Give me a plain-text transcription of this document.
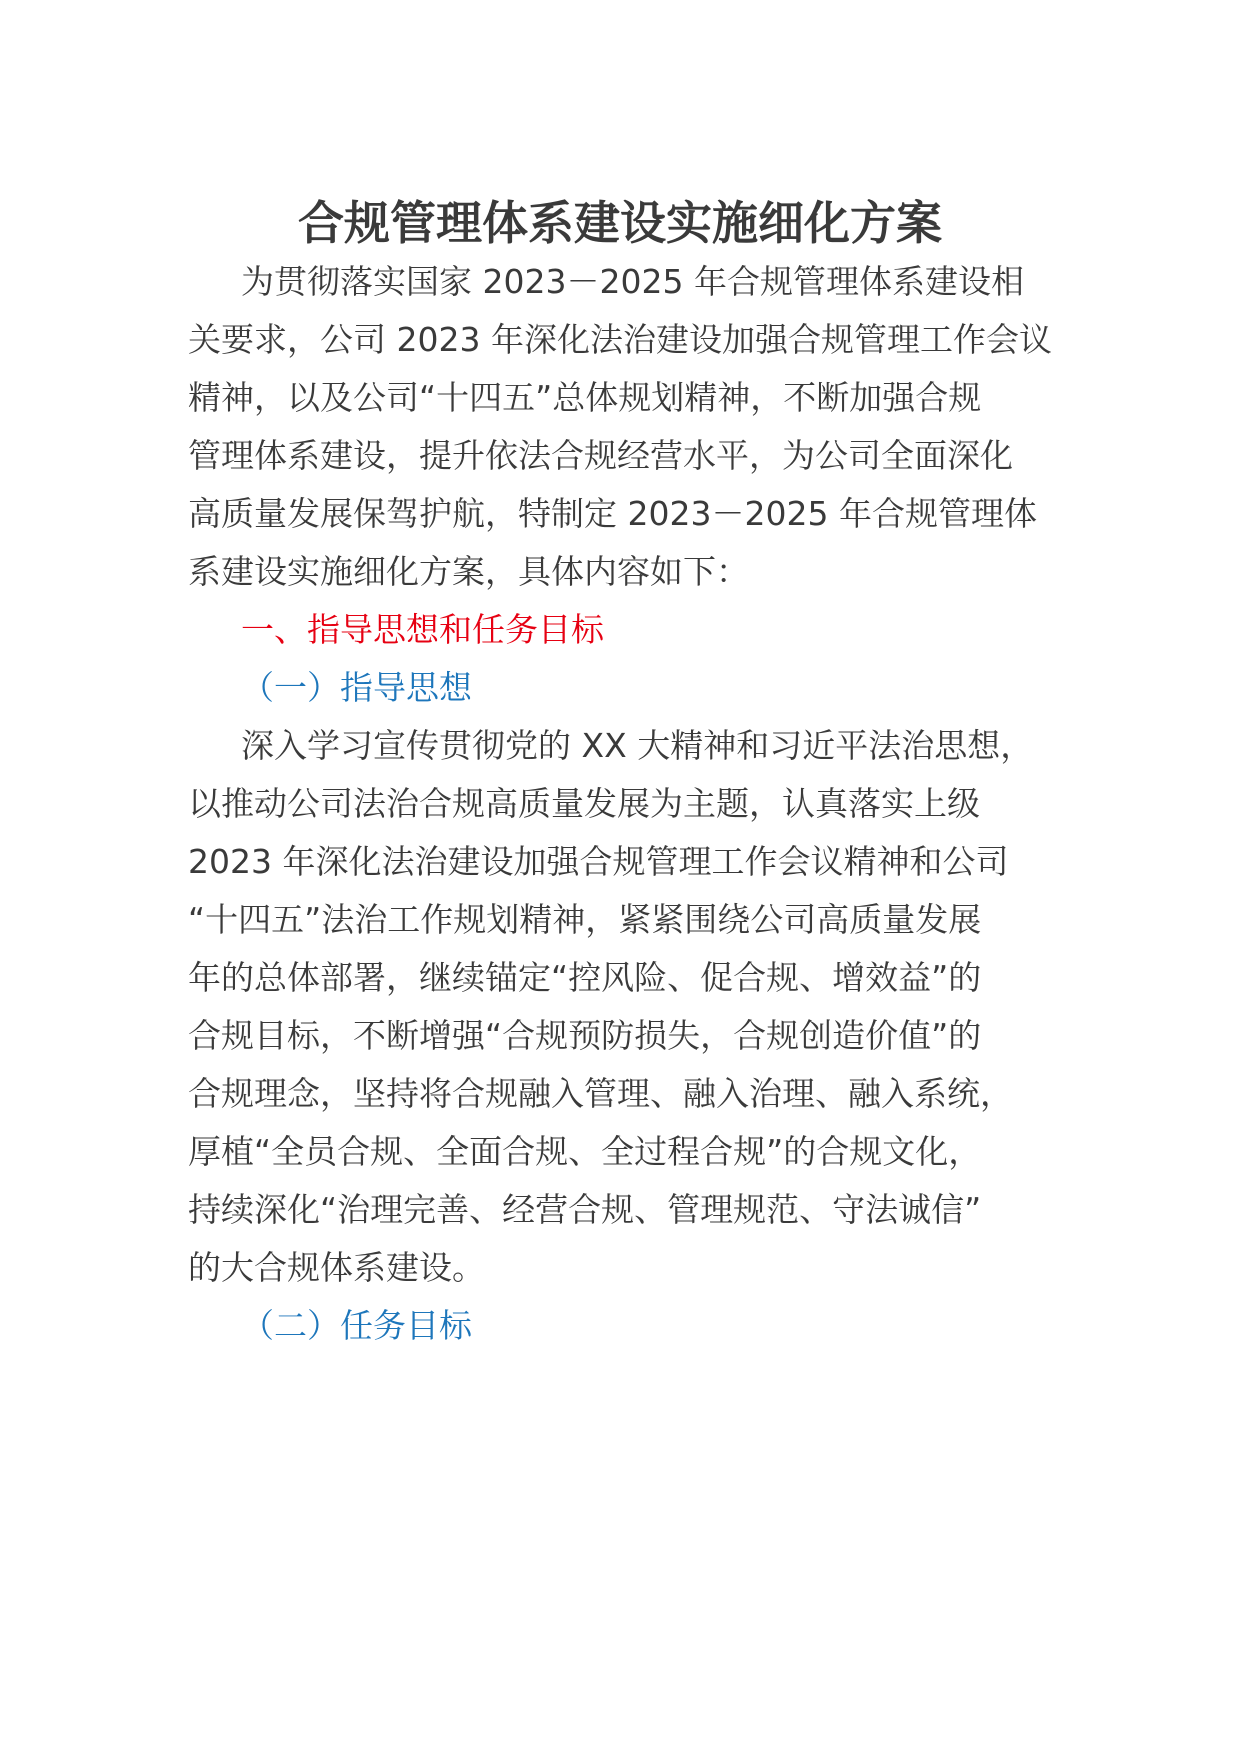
合规管理体系建设实施细化方案
为贯彻落实国家 2023－2025 年合规管理体系建设相
关要求，公司 2023 年深化法治建设加强合规管理工作会议
精神，以及公司“十四五”总体规划精神，不断加强合规
管理体系建设，提升依法合规经营水平，为公司全面深化
高质量发展保驾护航，特制定 2023－2025 年合规管理体
系建设实施细化方案，具体内容如下：
一、指导思想和任务目标
（一）指导思想
深入学习宣传贯彻党的 XX 大精神和习近平法治思想，
以推动公司法治合规高质量发展为主题，认真落实上级
2023 年深化法治建设加强合规管理工作会议精神和公司
“十四五”法治工作规划精神，紧紧围绕公司高质量发展
年的总体部署，继续锚定“控风险、促合规、增效益”的
合规目标，不断增强“合规预防损失，合规创造价值”的
合规理念，坚持将合规融入管理、融入治理、融入系统，
厚植“全员合规、全面合规、全过程合规”的合规文化，
持续深化“治理完善、经营合规、管理规范、守法诚信”
的大合规体系建设。
（二）任务目标
